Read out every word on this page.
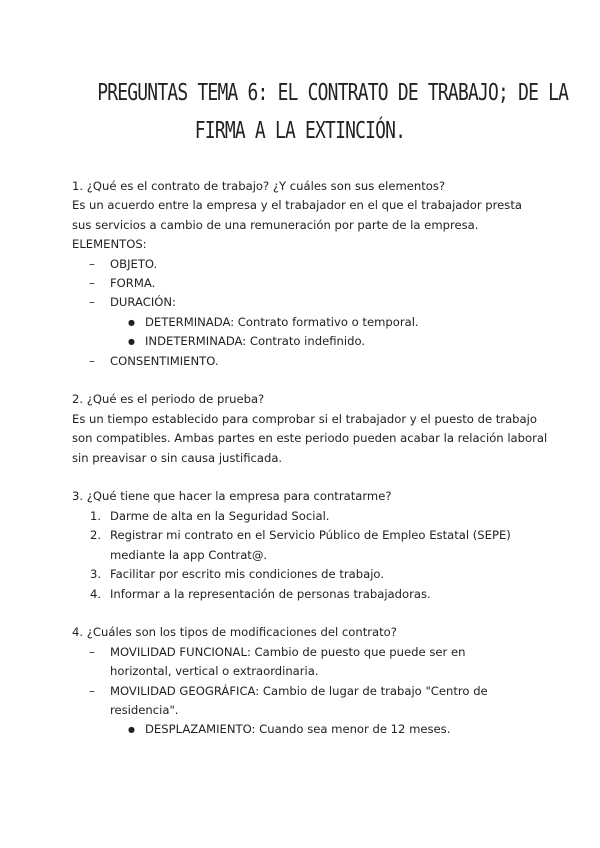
PREGUNTAS TEMA 6: EL CONTRATO DE TRABAJO; DE LA
FIRMA A LA EXTINCIÓN.
1. ¿Qué es el contrato de trabajo? ¿Y cuáles son sus elementos?
Es un acuerdo entre la empresa y el trabajador en el que el trabajador presta
sus servicios a cambio de una remuneración por parte de la empresa.
ELEMENTOS:
– OBJETO.
– FORMA.
– DURACIÓN:
● DETERMINADA: Contrato formativo o temporal.
● INDETERMINADA: Contrato indefinido.
– CONSENTIMIENTO.
2. ¿Qué es el periodo de prueba?
Es un tiempo establecido para comprobar si el trabajador y el puesto de trabajo
son compatibles. Ambas partes en este periodo pueden acabar la relación laboral
sin preavisar o sin causa justificada.
3. ¿Qué tiene que hacer la empresa para contratarme?
1. Darme de alta en la Seguridad Social.
2. Registrar mi contrato en el Servicio Público de Empleo Estatal (SEPE)
mediante la app Contrat@.
3. Facilitar por escrito mis condiciones de trabajo.
4. Informar a la representación de personas trabajadoras.
4. ¿Cuáles son los tipos de modificaciones del contrato?
– MOVILIDAD FUNCIONAL: Cambio de puesto que puede ser en
horizontal, vertical o extraordinaria.
– MOVILIDAD GEOGRÁFICA: Cambio de lugar de trabajo "Centro de
residencia".
● DESPLAZAMIENTO: Cuando sea menor de 12 meses.
